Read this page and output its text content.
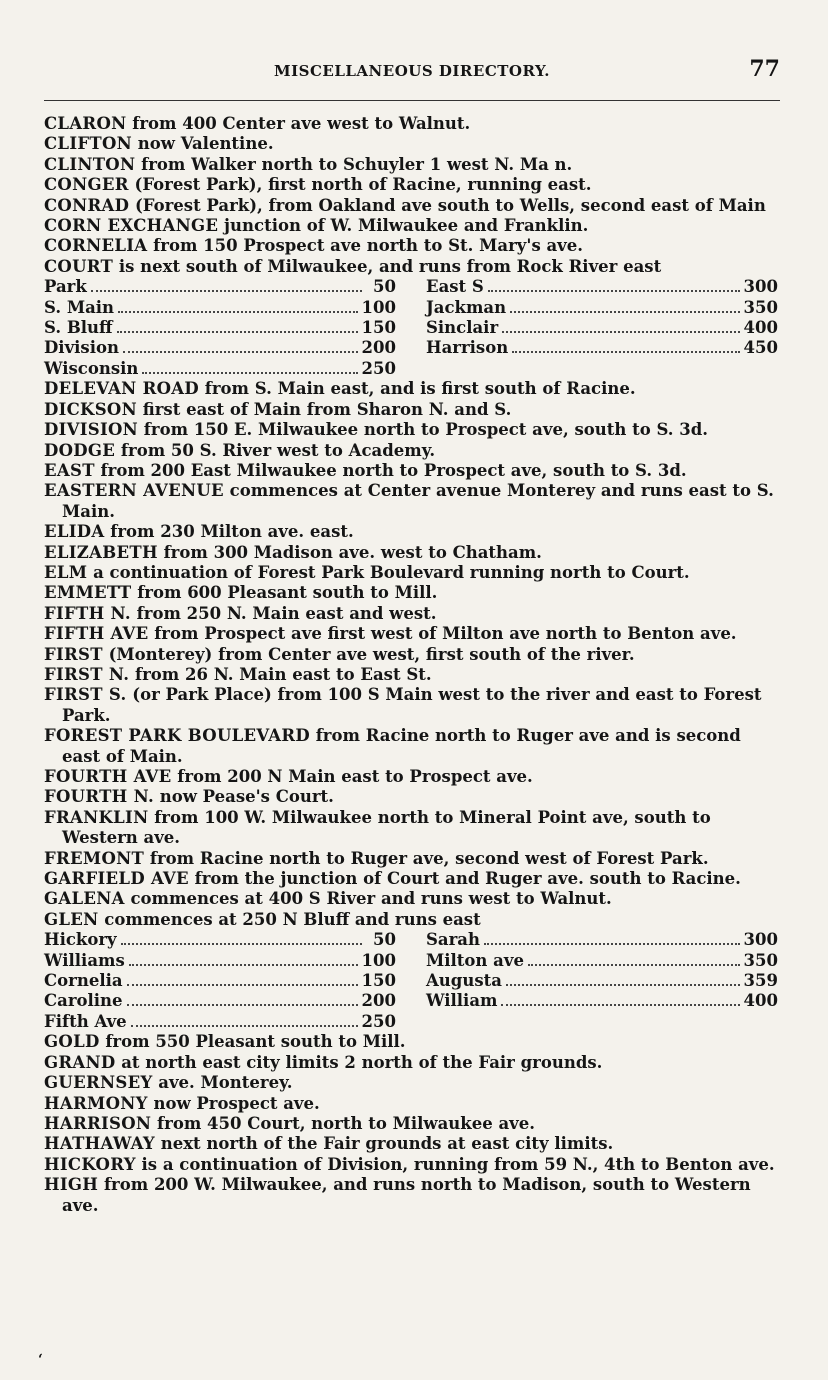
MISCELLANEOUS DIRECTORY.	77

CLARON from 400 Center ave west to Walnut.

CLIFTON now Valentine.

CLINTON from Walker north to Schuyler 1 west N. Ma n.

CONGER (Forest Park), first north of Racine, running east.

CONRAD (Forest Park), from Oakland ave south to Wells, second east of Main

CORN EXCHANGE junction of W. Milwaukee and Franklin.

CORNELIA from 150 Prospect ave north to St. Mary's ave.

COURT is next south of Milwaukee, and runs from Rock River east

Park	50
S. Main	100
S. Bluff	150
Division	200
Wisconsin	250
East S	300
Jackman	350
Sinclair	400
Harrison	450

DELEVAN ROAD from S. Main east, and is first south of Racine.

DICKSON first east of Main from Sharon N. and S.

DIVISION from 150 E. Milwaukee north to Prospect ave, south to S. 3d.

DODGE from 50 S. River west to Academy.

EAST from 200 East Milwaukee north to Prospect ave, south to S. 3d.

EASTERN AVENUE commences at Center avenue Monterey and runs east to S. Main.

ELIDA from 230 Milton ave. east.

ELIZABETH from 300 Madison ave. west to Chatham.

ELM a continuation of Forest Park Boulevard running north to Court.

EMMETT from 600 Pleasant south to Mill.

FIFTH N. from 250 N. Main east and west.

FIFTH AVE from Prospect ave first west of Milton ave north to Benton ave.

FIRST (Monterey) from Center ave west, first south of the river.

FIRST N. from 26 N. Main east to East St.

FIRST S. (or Park Place) from 100 S Main west to the river and east to Forest Park.

FOREST PARK BOULEVARD from Racine north to Ruger ave and is second east of Main.

FOURTH AVE from 200 N Main east to Prospect ave.

FOURTH N. now Pease's Court.

FRANKLIN from 100 W. Milwaukee north to Mineral Point ave, south to Western ave.

FREMONT from Racine north to Ruger ave, second west of Forest Park.

GARFIELD AVE from the junction of Court and Ruger ave. south to Racine.

GALENA commences at 400 S River and runs west to Walnut.

GLEN commences at 250 N Bluff and runs east

Hickory	50
Williams	100
Cornelia	150
Caroline	200
Fifth Ave	250
Sarah	300
Milton ave	350
Augusta	359
William	400

GOLD from 550 Pleasant south to Mill.

GRAND at north east city limits 2 north of the Fair grounds.

GUERNSEY ave. Monterey.

HARMONY now Prospect ave.

HARRISON from 450 Court, north to Milwaukee ave.

HATHAWAY next north of the Fair grounds at east city limits.

HICKORY is a continuation of Division, running from 59 N., 4th to Benton ave.

HIGH from 200 W. Milwaukee, and runs north to Madison, south to Western ave.

‘
